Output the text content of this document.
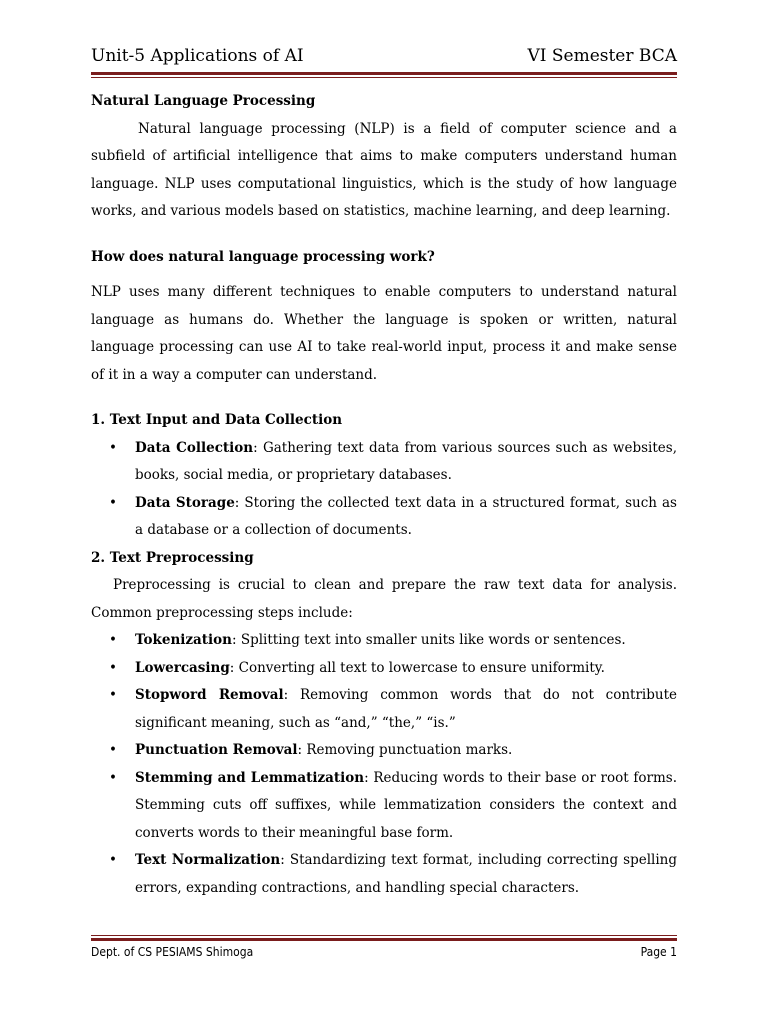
Unit-5 Applications of AI	VI Semester BCA

Natural Language Processing

Natural language processing (NLP) is a field of computer science and a subfield of artificial intelligence that aims to make computers understand human language. NLP uses computational linguistics, which is the study of how language works, and various models based on statistics, machine learning, and deep learning.

How does natural language processing work?

NLP uses many different techniques to enable computers to understand natural language as humans do. Whether the language is spoken or written, natural language processing can use AI to take real-world input, process it and make sense of it in a way a computer can understand.

1. Text Input and Data Collection

• Data Collection: Gathering text data from various sources such as websites, books, social media, or proprietary databases.
• Data Storage: Storing the collected text data in a structured format, such as a database or a collection of documents.

2. Text Preprocessing

Preprocessing is crucial to clean and prepare the raw text data for analysis. Common preprocessing steps include:

• Tokenization: Splitting text into smaller units like words or sentences.
• Lowercasing: Converting all text to lowercase to ensure uniformity.
• Stopword Removal: Removing common words that do not contribute significant meaning, such as “and,” “the,” “is.”
• Punctuation Removal: Removing punctuation marks.
• Stemming and Lemmatization: Reducing words to their base or root forms. Stemming cuts off suffixes, while lemmatization considers the context and converts words to their meaningful base form.
• Text Normalization: Standardizing text format, including correcting spelling errors, expanding contractions, and handling special characters.
Dept. of CS PESIAMS Shimoga	Page 1
